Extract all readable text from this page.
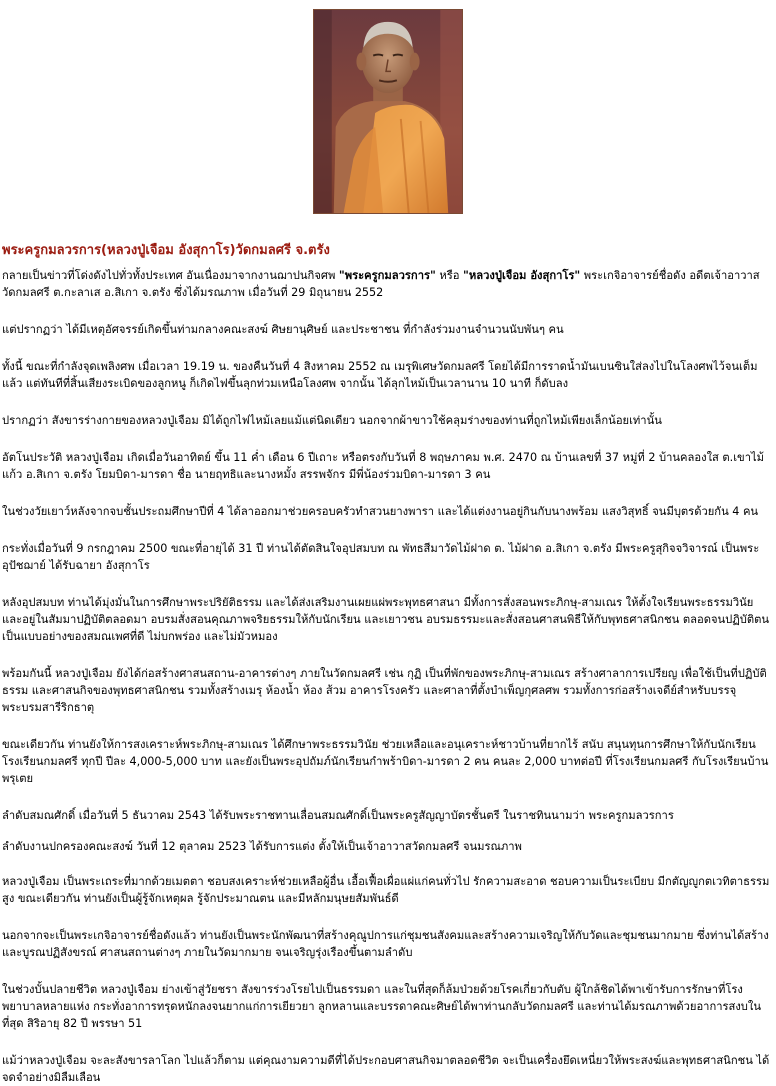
พระครูกมลวรการ(หลวงปู่เจือม อังสุกาโร)วัดกมลศรี จ.ตรัง

กลายเป็นข่าวที่โด่งดังไปทั่วทั้งประเทศ อันเนื่องมาจากงานฌาปนกิจศพ "พระครูกมลวรการ" หรือ "หลวงปู่เจือม อังสุกาโร" พระเกจิอาจารย์ชื่อดัง อดีตเจ้าอาวาสวัดกมลศรี ต.กะลาเส อ.สิเกา จ.ตรัง ซึ่งได้มรณภาพ เมื่อวันที่ 29 มิถุนายน 2552

แต่ปรากฏว่า ได้มีเหตุอัศจรรย์เกิดขึ้นท่ามกลางคณะสงฆ์ ศิษยานุศิษย์ และประชาชน ที่กำลังร่วมงานจำนวนนับพันๆ คน

ทั้งนี้ ขณะที่กำลังจุดเพลิงศพ เมื่อเวลา 19.19 น. ของคืนวันที่ 4 สิงหาคม 2552 ณ เมรุพิเศษวัดกมลศรี โดยได้มีการราดน้ำมันเบนซินใส่ลงไปในโลงศพไว้จนเต็มแล้ว แต่ทันทีที่สิ้นเสียงระเบิดของลูกหนู ก็เกิดไฟขึ้นลุกท่วมเหนือโลงศพ จากนั้น ได้ลุกไหม้เป็นเวลานาน 10 นาที ก็ดับลง

ปรากฏว่า สังขารร่างกายของหลวงปู่เจือม มิได้ถูกไฟไหม้เลยแม้แต่นิดเดียว นอกจากผ้าขาวใช้คลุมร่างของท่านที่ถูกไหม้เพียงเล็กน้อยเท่านั้น

อัตโนประวัติ หลวงปู่เจือม เกิดเมื่อวันอาทิตย์ ขึ้น 11 ค่ำ เดือน 6 ปีเถาะ หรือตรงกับวันที่ 8 พฤษภาคม พ.ศ. 2470 ณ บ้านเลขที่ 37 หมู่ที่ 2 บ้านคลองใส ต.เขาไม้แก้ว อ.สิเกา จ.ตรัง โยมบิดา-มารดา ชื่อ นายฤทธิและนางหมั้ง สรรพจักร มีพี่น้องร่วมบิดา-มารดา 3 คน

ในช่วงวัยเยาว์หลังจากจบชั้นประถมศึกษาปีที่ 4 ได้ลาออกมาช่วยครอบครัวทำสวนยางพารา และได้แต่งงานอยู่กินกับนางพร้อม แสงวิสุทธิ์ จนมีบุตรด้วยกัน 4 คน

กระทั่งเมื่อวันที่ 9 กรกฎาคม 2500 ขณะที่อายุได้ 31 ปี ท่านได้ตัดสินใจอุปสมบท ณ พัทธสีมาวัดไม้ฝาด ต. ไม้ฝาด อ.สิเกา จ.ตรัง มีพระครูสุกิจจวิจารณ์ เป็นพระอุปัชฌาย์ ได้รับฉายา อังสุกาโร

หลังอุปสมบท ท่านได้มุ่งมั่นในการศึกษาพระปริยัติธรรม และได้ส่งเสริมงานเผยแผ่พระพุทธศาสนา มีทั้งการสั่งสอนพระภิกษุ-สามเณร ให้ตั้งใจเรียนพระธรรมวินัย และอยู่ในสัมมาปฏิบัติตลอดมา อบรมสั่งสอนคุณภาพจริยธรรมให้กับนักเรียน และเยาวชน อบรมธรรมะและสั่งสอนศาสนพิธีให้กับพุทธศาสนิกชน ตลอดจนปฏิบัติตนเป็นแบบอย่างของสมณเพศที่ดี ไม่บกพร่อง และไม่มัวหมอง

พร้อมกันนี้ หลวงปู่เจือม ยังได้ก่อสร้างศาสนสถาน-อาคารต่างๆ ภายในวัดกมลศรี เช่น กุฏิ เป็นที่พักของพระภิกษุ-สามเณร สร้างศาลาการเปรียญ เพื่อใช้เป็นที่ปฏิบัติธรรม และศาสนกิจของพุทธศาสนิกชน รวมทั้งสร้างเมรุ ห้องน้ำ ห้อง ส้วม อาคารโรงครัว และศาลาที่ตั้งบำเพ็ญกุศลศพ รวมทั้งการก่อสร้างเจดีย์สำหรับบรรจุพระบรมสารีริกธาตุ

ขณะเดียวกัน ท่านยังให้การสงเคราะห์พระภิกษุ-สามเณร ได้ศึกษาพระธรรมวินัย ช่วยเหลือและอนุเคราะห์ชาวบ้านที่ยากไร้ สนับ สนุนทุนการศึกษาให้กับนักเรียนโรงเรียนกมลศรี ทุกปี ปีละ 4,000-5,000 บาท และยังเป็นพระอุปถัมภ์นักเรียนกำพร้าบิดา-มารดา 2 คน คนละ 2,000 บาทต่อปี ที่โรงเรียนกมลศรี กับโรงเรียนบ้านพรุเตย

ลำดับสมณศักดิ์ เมื่อวันที่ 5 ธันวาคม 2543 ได้รับพระราชทานเลื่อนสมณศักดิ์เป็นพระครูสัญญาบัตรชั้นตรี ในราชทินนามว่า พระครูกมลวรการ

ลำดับงานปกครองคณะสงฆ์ วันที่ 12 ตุลาคม 2523 ได้รับการแต่ง ตั้งให้เป็นเจ้าอาวาสวัดกมลศรี จนมรณภาพ

หลวงปู่เจือม เป็นพระเถระที่มากด้วยเมตตา ชอบสงเคราะห์ช่วยเหลือผู้อื่น เอื้อเฟื้อเผื่อแผ่แก่คนทั่วไป รักความสะอาด ชอบความเป็นระเบียบ มีกตัญญูกตเวทิตาธรรมสูง ขณะเดียวกัน ท่านยังเป็นผู้รู้จักเหตุผล รู้จักประมาณตน และมีหลักมนุษยสัมพันธ์ดี

นอกจากจะเป็นพระเกจิอาจารย์ชื่อดังแล้ว ท่านยังเป็นพระนักพัฒนาที่สร้างคุณูปการแก่ชุมชนสังคมและสร้างความเจริญให้กับวัดและชุมชนมากมาย ซึ่งท่านได้สร้างและบูรณปฏิสังขรณ์ ศาสนสถานต่างๆ ภายในวัดมากมาย จนเจริญรุ่งเรืองขึ้นตามลำดับ

ในช่วงบั้นปลายชีวิต หลวงปู่เจือม ย่างเข้าสู่วัยชรา สังขารร่วงโรยไปเป็นธรรมดา และในที่สุดก็ล้มป่วยด้วยโรคเกี่ยวกับตับ ผู้ใกล้ชิดได้พาเข้ารับการรักษาที่โรงพยาบาลหลายแห่ง กระทั่งอาการทรุดหนักลงจนยากแก่การเยียวยา ลูกหลานและบรรดาคณะศิษย์ได้พาท่านกลับวัดกมลศรี และท่านได้มรณภาพด้วยอาการสงบในที่สุด สิริอายุ 82 ปี พรรษา 51

แม้ว่าหลวงปู่เจือม จะละสังขารลาโลก ไปแล้วก็ตาม แต่คุณงามความดีที่ได้ประกอบศาสนกิจมาตลอดชีวิต จะเป็นเครื่องยึดเหนี่ยวให้พระสงฆ์และพุทธศาสนิกชน ได้จดจำอย่างมิลืมเลือน
